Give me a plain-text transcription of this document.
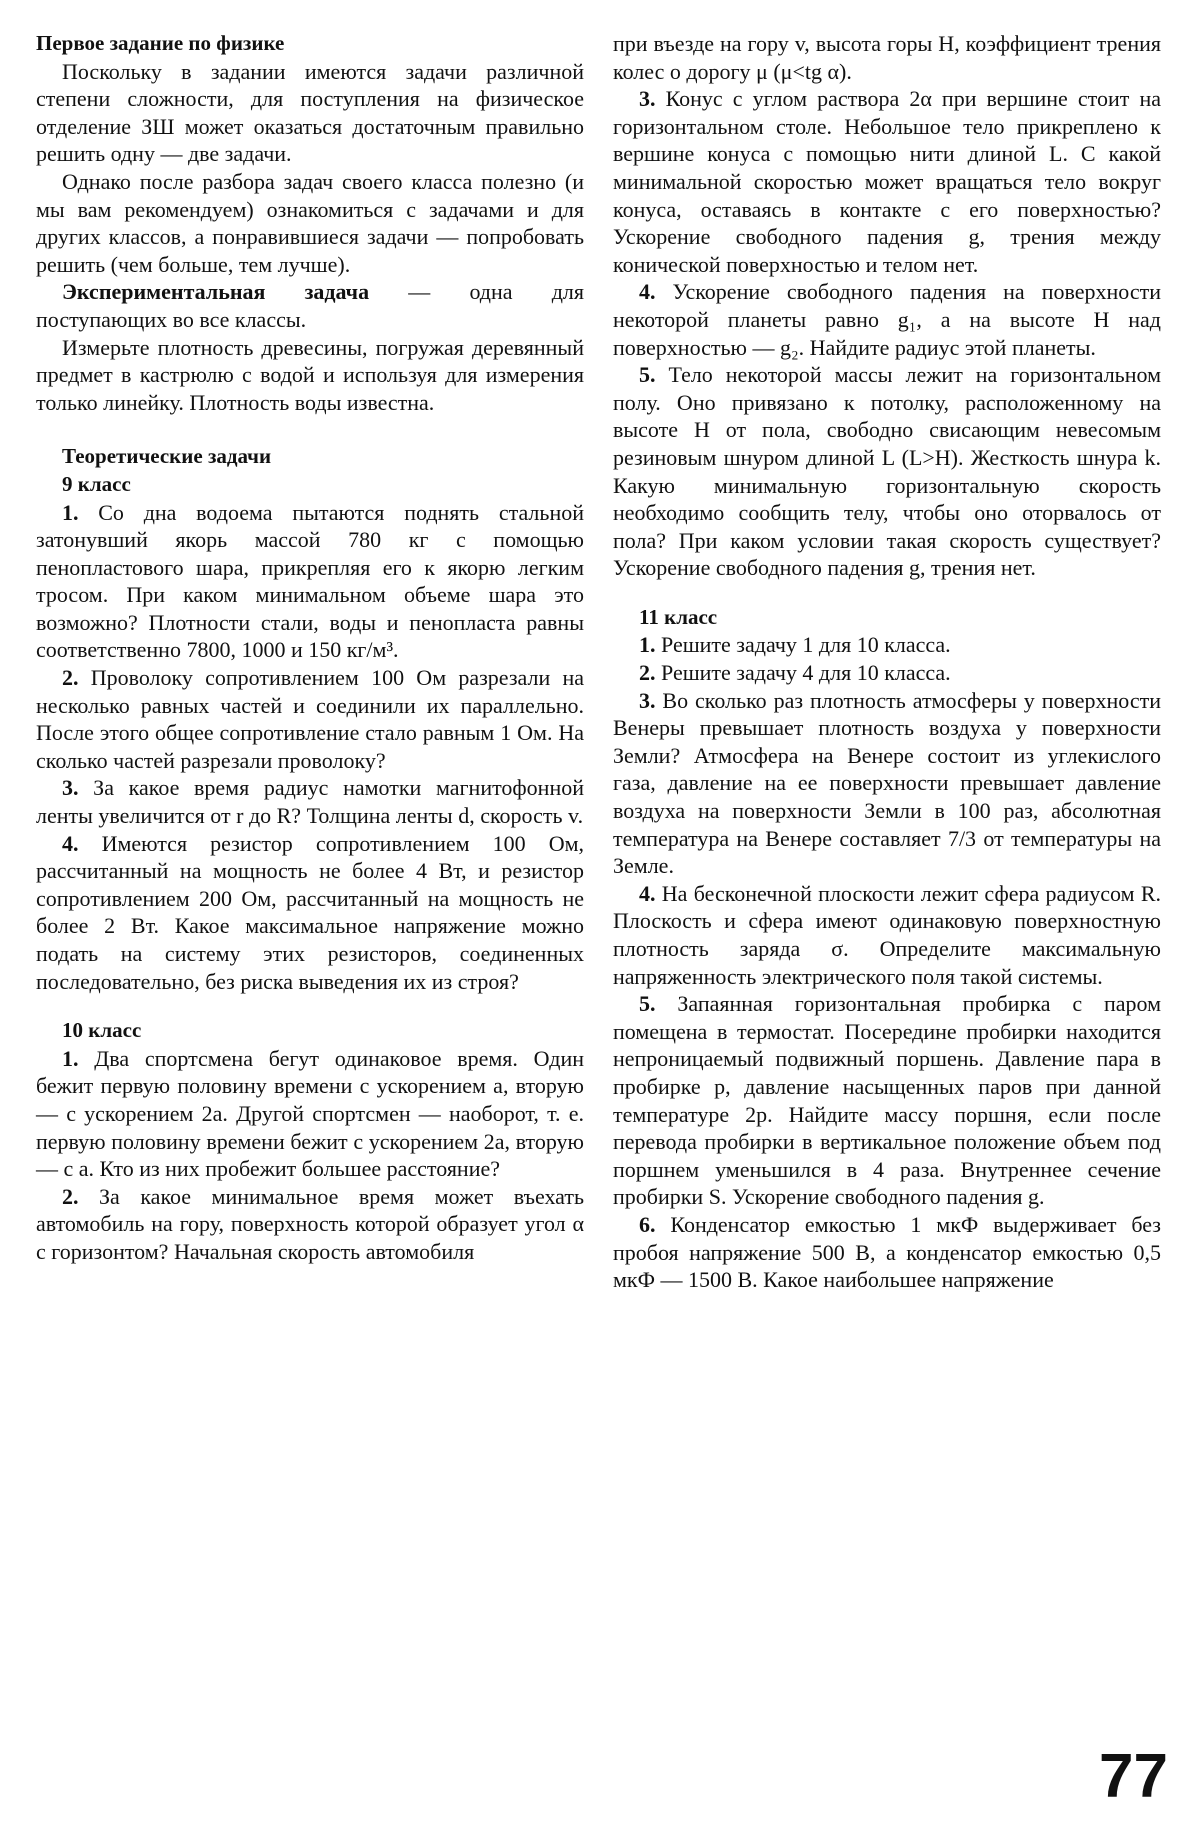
Первое задание по физике

Поскольку в задании имеются задачи различной степени сложности, для поступления на физическое отделение ЗШ может оказаться достаточным правильно решить одну — две задачи.

Однако после разбора задач своего класса полезно (и мы вам рекомендуем) ознакомиться с задачами и для других классов, а понравившиеся задачи — попробовать решить (чем больше, тем лучше).

Экспериментальная задача — одна для поступающих во все классы.

Измерьте плотность древесины, погружая деревянный предмет в кастрюлю с водой и используя для измерения только линейку. Плотность воды известна.

Теоретические задачи
9 класс

1. Со дна водоема пытаются поднять стальной затонувший якорь массой 780 кг с помощью пенопластового шара, прикрепляя его к якорю легким тросом. При каком минимальном объеме шара это возможно? Плотности стали, воды и пенопласта равны соответственно 7800, 1000 и 150 кг/м³.

2. Проволоку сопротивлением 100 Ом разрезали на несколько равных частей и соединили их параллельно. После этого общее сопротивление стало равным 1 Ом. На сколько частей разрезали проволоку?

3. За какое время радиус намотки магнитофонной ленты увеличится от r до R? Толщина ленты d, скорость v.

4. Имеются резистор сопротивлением 100 Ом, рассчитанный на мощность не более 4 Вт, и резистор сопротивлением 200 Ом, рассчитанный на мощность не более 2 Вт. Какое максимальное напряжение можно подать на систему этих резисторов, соединенных последовательно, без риска выведения их из строя?

10 класс

1. Два спортсмена бегут одинаковое время. Один бежит первую половину времени с ускорением a, вторую — с ускорением 2a. Другой спортсмен — наоборот, т. е. первую половину времени бежит с ускорением 2a, вторую — с a. Кто из них пробежит большее расстояние?

2. За какое минимальное время может въехать автомобиль на гору, поверхность которой образует угол α с горизонтом? Начальная скорость автомобиля

при въезде на гору v, высота горы H, коэффициент трения колес о дорогу μ (μ<tg α).

3. Конус с углом раствора 2α при вершине стоит на горизонтальном столе. Небольшое тело прикреплено к вершине конуса с помощью нити длиной L. С какой минимальной скоростью может вращаться тело вокруг конуса, оставаясь в контакте с его поверхностью? Ускорение свободного падения g, трения между конической поверхностью и телом нет.

4. Ускорение свободного падения на поверхности некоторой планеты равно g₁, а на высоте H над поверхностью — g₂. Найдите радиус этой планеты.

5. Тело некоторой массы лежит на горизонтальном полу. Оно привязано к потолку, расположенному на высоте H от пола, свободно свисающим невесомым резиновым шнуром длиной L (L>H). Жесткость шнура k. Какую минимальную горизонтальную скорость необходимо сообщить телу, чтобы оно оторвалось от пола? При каком условии такая скорость существует? Ускорение свободного падения g, трения нет.

11 класс

1. Решите задачу 1 для 10 класса.

2. Решите задачу 4 для 10 класса.

3. Во сколько раз плотность атмосферы у поверхности Венеры превышает плотность воздуха у поверхности Земли? Атмосфера на Венере состоит из углекислого газа, давление на ее поверхности превышает давление воздуха на поверхности Земли в 100 раз, абсолютная температура на Венере составляет 7/3 от температуры на Земле.

4. На бесконечной плоскости лежит сфера радиусом R. Плоскость и сфера имеют одинаковую поверхностную плотность заряда σ. Определите максимальную напряженность электрического поля такой системы.

5. Запаянная горизонтальная пробирка с паром помещена в термостат. Посередине пробирки находится непроницаемый подвижный поршень. Давление пара в пробирке p, давление насыщенных паров при данной температуре 2p. Найдите массу поршня, если после перевода пробирки в вертикальное положение объем под поршнем уменьшился в 4 раза. Внутреннее сечение пробирки S. Ускорение свободного падения g.

6. Конденсатор емкостью 1 мкФ выдерживает без пробоя напряжение 500 В, а конденсатор емкостью 0,5 мкФ — 1500 В. Какое наибольшее напряжение

77
